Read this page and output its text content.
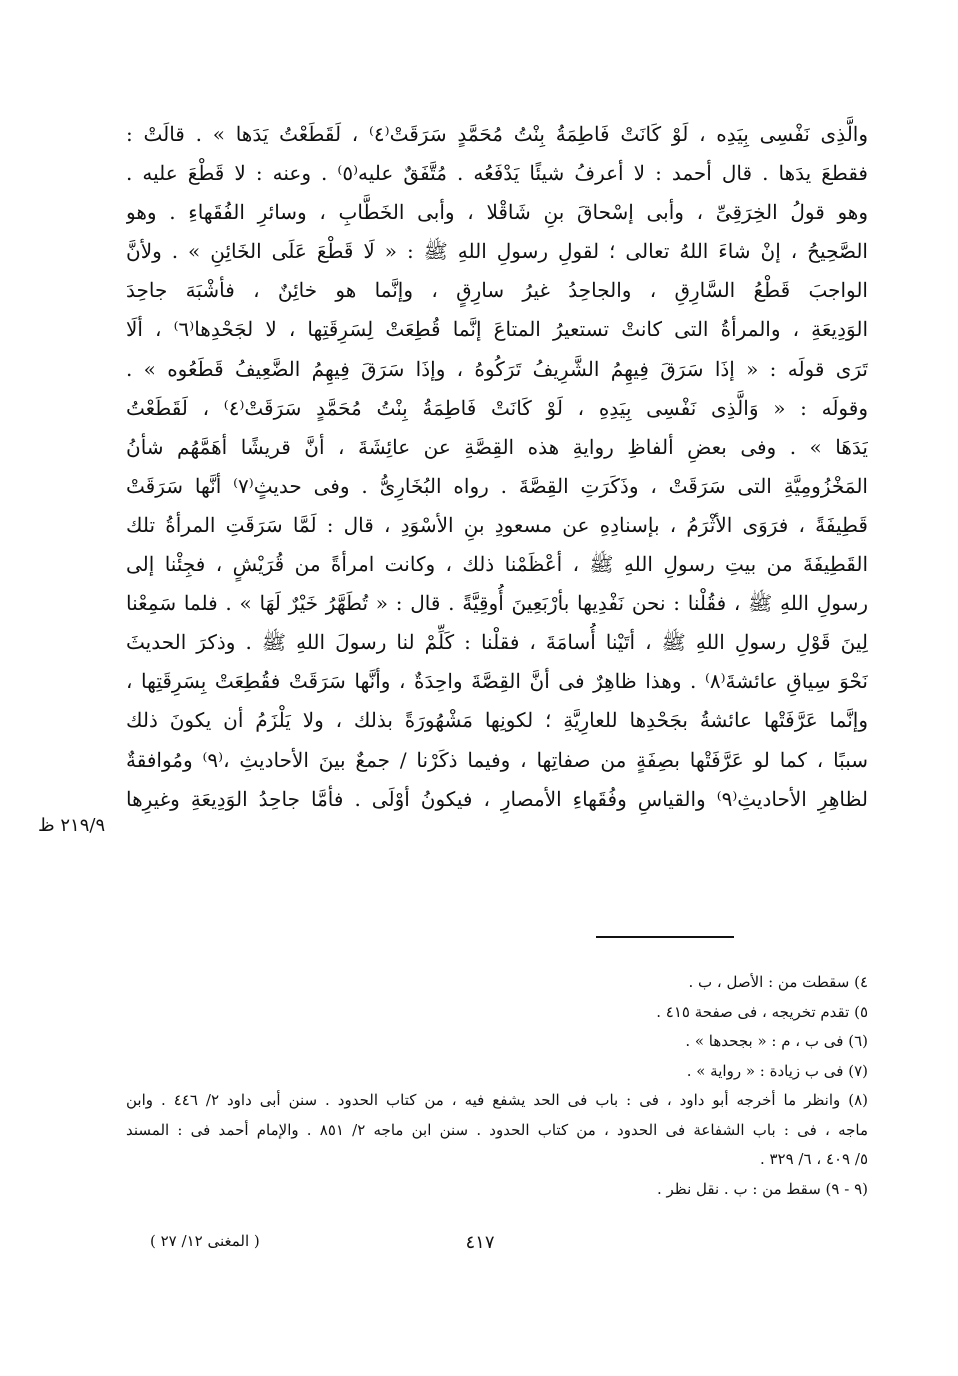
والَّذِى نَفْسِى بِيَدِه ، لَوْ كَانَتْ فَاطِمَةُ بِنْتُ مُحَمَّدٍ سَرَقَتْ⁽٤⁾ ، لَقَطَعْتُ يَدَها » . قالَتْ :
فقطعَ يدَها . قال أحمد : لا أعرفُ شيئًا يَدْفَعُه . مُتَّفَقٌ عليه⁽٥⁾ . وعنه : لا قَطْعَ عليه .
وهو قولُ الخِرَقِىِّ ، وأبى إسْحاقَ بنِ شَاقْلا ، وأبى الخَطَّابِ ، وسائرِ الفُقَهاءِ . وهو
الصَّحِيحُ ، إنْ شاءَ اللهُ تعالى ؛ لقولِ رسولِ اللهِ ﷺ : « لَا قَطْعَ عَلَى الخَائِنِ » . ولأنَّ
الواجبَ قَطْعُ السَّارِقِ ، والجاحِدُ غيرُ سارِقٍ ، وإنَّما هو خائِنٌ ، فأشْبَهَ جاحِدَ
الوَدِيعَةِ ، والمرأةُ التى كانتْ تستعيرُ المتاعَ إنَّما قُطِعَتْ لِسَرِقَتِها ، لا لجَحْدِها⁽٦⁾ ، ألَا
تَرَى قولَه : « إذَا سَرَقَ فِيهِمُ الشَّرِيفُ تَرَكُوهُ ، وإذَا سَرَقَ فِيهِمُ الضَّعِيفُ قَطَعُوه » .
وقولَه : « وَالَّذِى نَفْسِى بِيَدِهِ ، لَوْ كَانَتْ فَاطِمَةُ بِنْتُ مُحَمَّدٍ سَرَقَتْ⁽٤⁾ ، لَقَطَعْتُ
يَدَهَا » . وفى بعضِ ألفاظِ روايةِ هذه القِصَّةِ عن عائِشَةَ ، أنَّ قريشًا أهَمَّهُم شأنُ
المَخْزُومِيَّةِ التى سَرَقَتْ ، وذَكَرَتِ القِصَّةَ . رواه البُخَارِىُّ . وفى حديثٍ⁽٧⁾ أنَّها سَرَقَتْ
قَطِيفَةً ، فرَوَى الأثْرَمُ ، بإسنادِهِ عن مسعودِ بنِ الأسْوَدِ ، قال : لَمَّا سَرَقَتِ المرأةُ تلك
القَطِيفَةَ من بيتِ رسولِ اللهِ ﷺ ، أعْظَمْنا ذلك ، وكانت امرأةً من قُرَيْشٍ ، فجِئْنا إلى
رسولِ اللهِ ﷺ ، فقُلْنا : نحن نَفْدِيها بأرْبَعِينَ أُوقِيَّةً . قال : « تُطَهَّرُ خَيْرٌ لَهَا » . فلما سَمِعْنا
لِينَ قَوْلِ رسولِ اللهِ ﷺ ، أتَيْنا أُسامَةَ ، فقلْنا : كَلِّمْ لنا رسولَ اللهِ ﷺ . وذكرَ الحديثَ
نَحْوَ سِياقِ عائشةَ⁽٨⁾ . وهذا ظاهِرٌ فى أنَّ القِصَّةَ واحِدَةٌ ، وأنَّها سَرَقَتْ فقُطِعَتْ بِسَرِقَتِها ،
وإنَّما عَرَّفَتْها عائشةُ بجَحْدِها للعارِيَّةِ ؛ لكونِها مَشْهُورَةً بذلك ، ولا يَلْزَمُ أن يكونَ ذلك
سببًا ، كما لو عَرَّفَتْها بصِفَةٍ من صفاتِها ، وفيما ذكَرْنا / جمعٌ بينَ الأحاديثِ ،⁽٩⁾ ومُوافقةٌ
لظاهِرِ الأحاديثِ⁽٩⁾ والقياسِ وفُقَهاءِ الأمصارِ ، فيكونُ أوْلَى . فأمَّا جاحِدُ الوَدِيعَةِ وغيرِها
٢١٩/٩ ظ
٤) سقطت من : الأصل ، ب .
٥) تقدم تخريجه ، فى صفحة ٤١٥ .
(٦) فى ب ، م : « بجحدها » .
(٧) فى ب زيادة : « رواية » .
(٨) وانظر ما أخرجه أبو داود ، فى : باب فى الحد يشفع فيه ، من كتاب الحدود . سنن أبى داود ٢/ ٤٤٦ . وابن
ماجه ، فى : باب الشفاعة فى الحدود ، من كتاب الحدود . سنن ابن ماجه ٢/ ٨٥١ . والإمام أحمد فى : المسند
٥/ ٤٠٩ ، ٦/ ٣٢٩ .
(٩ - ٩) سقط من : ب . نقل نظر .
٤١٧
( المغنى ١٢/ ٢٧ )
